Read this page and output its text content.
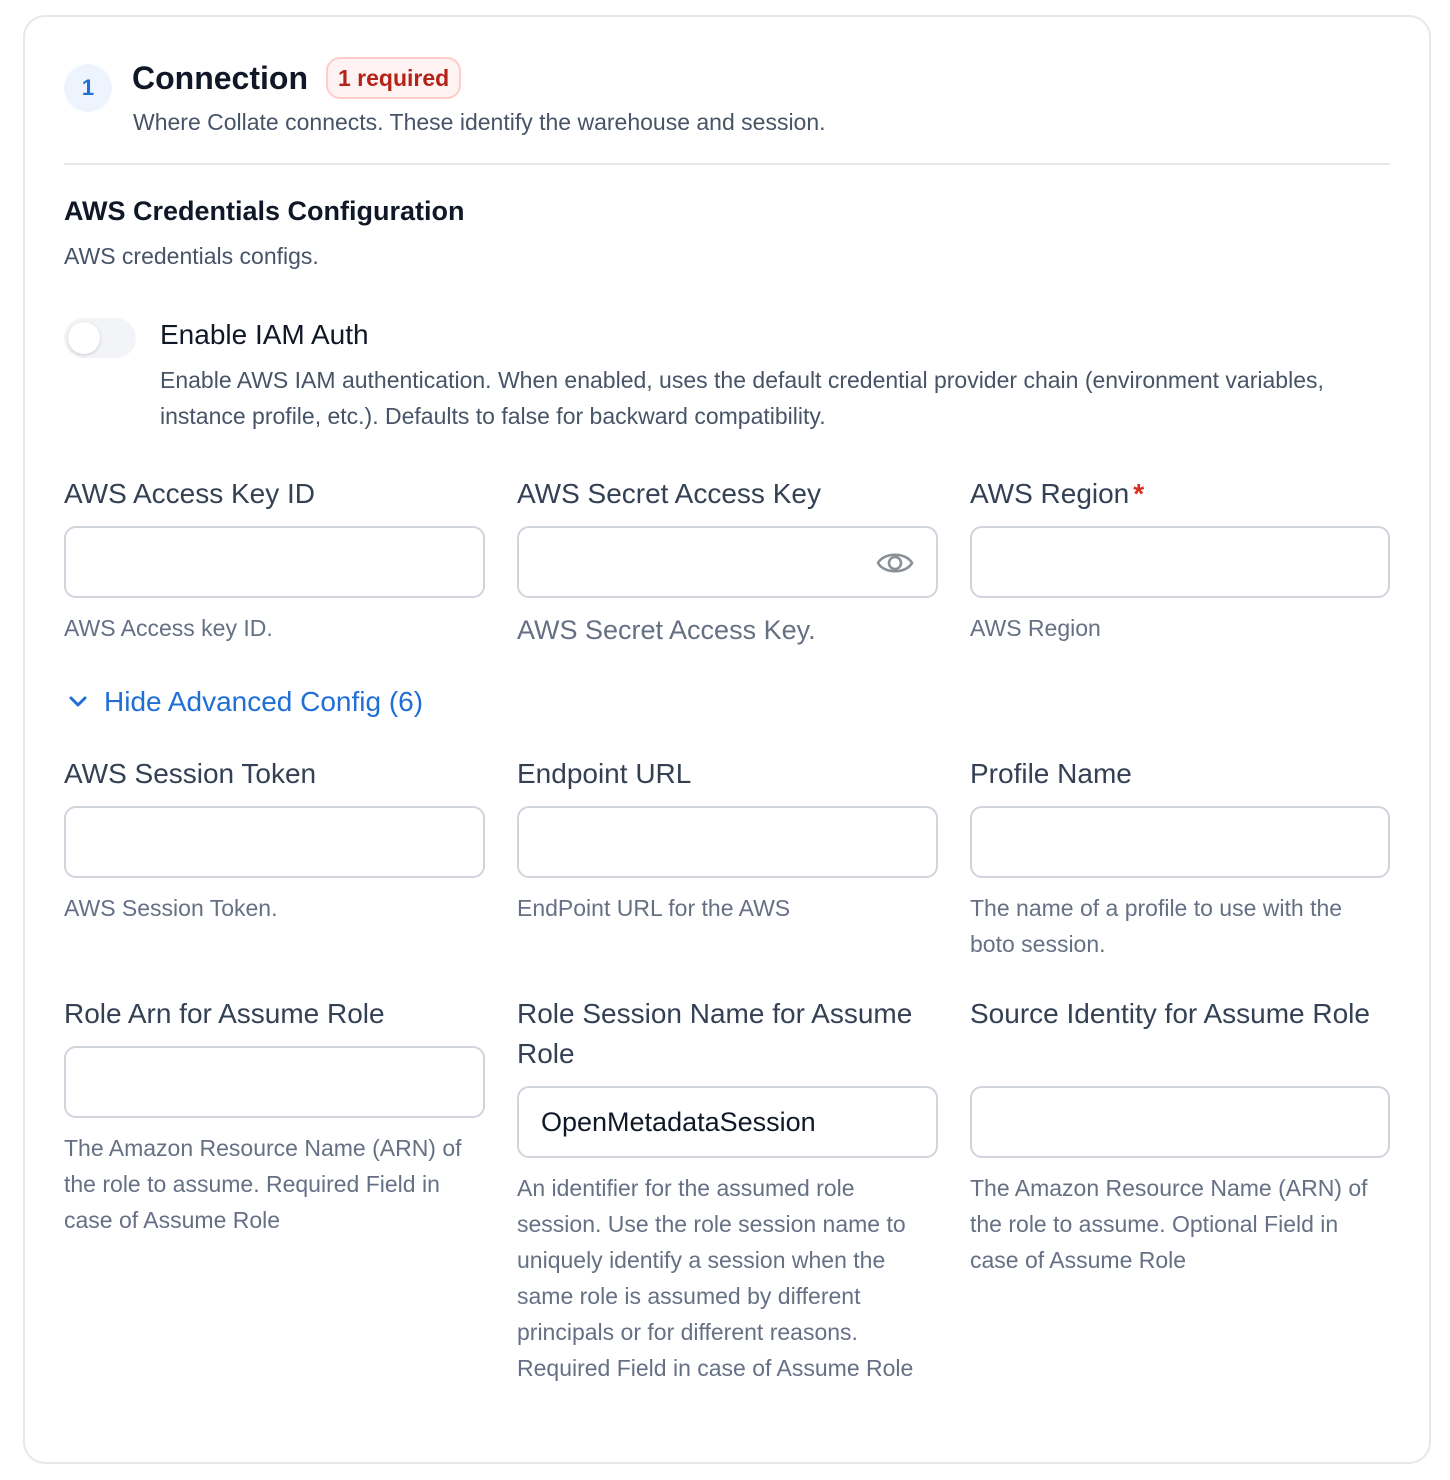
1	Connection	1 required
Where Collate connects. These identify the warehouse and session.
AWS Credentials Configuration
AWS credentials configs.
Enable IAM Auth
Enable AWS IAM authentication. When enabled, uses the default credential provider chain (environment variables, instance profile, etc.). Defaults to false for backward compatibility.
AWS Access Key ID
AWS Access key ID.
AWS Secret Access Key
AWS Secret Access Key.
AWS Region *
AWS Region
Hide Advanced Config (6)
AWS Session Token
AWS Session Token.
Endpoint URL
EndPoint URL for the AWS
Profile Name
The name of a profile to use with the boto session.
Role Arn for Assume Role
The Amazon Resource Name (ARN) of the role to assume. Required Field in case of Assume Role
Role Session Name for Assume Role
OpenMetadataSession
An identifier for the assumed role session. Use the role session name to uniquely identify a session when the same role is assumed by different principals or for different reasons. Required Field in case of Assume Role
Source Identity for Assume Role
The Amazon Resource Name (ARN) of the role to assume. Optional Field in case of Assume Role
